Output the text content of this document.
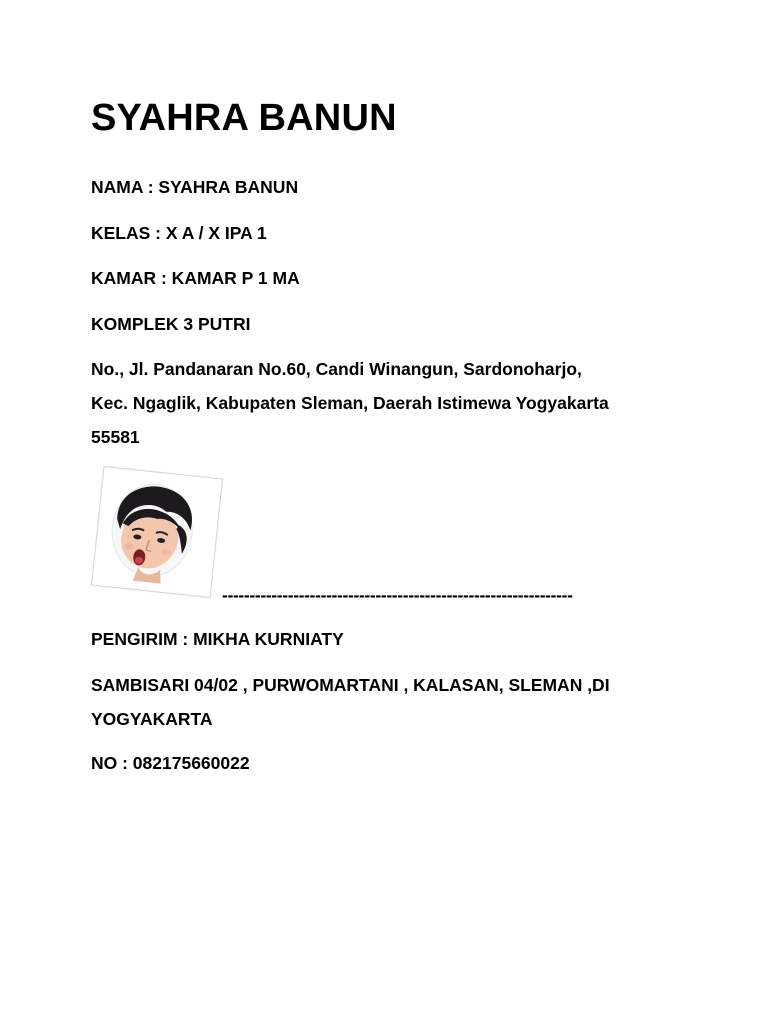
SYAHRA BANUN

NAMA : SYAHRA BANUN

KELAS : X A / X IPA 1

KAMAR : KAMAR P 1 MA

KOMPLEK 3 PUTRI

No., Jl. Pandanaran No.60, Candi Winangun, Sardonoharjo,
Kec. Ngaglik, Kabupaten Sleman, Daerah Istimewa Yogyakarta
55581

----------------------------------------------------------------

PENGIRIM : MIKHA KURNIATY

SAMBISARI 04/02 , PURWOMARTANI , KALASAN, SLEMAN ,DI
YOGYAKARTA

NO : 082175660022
